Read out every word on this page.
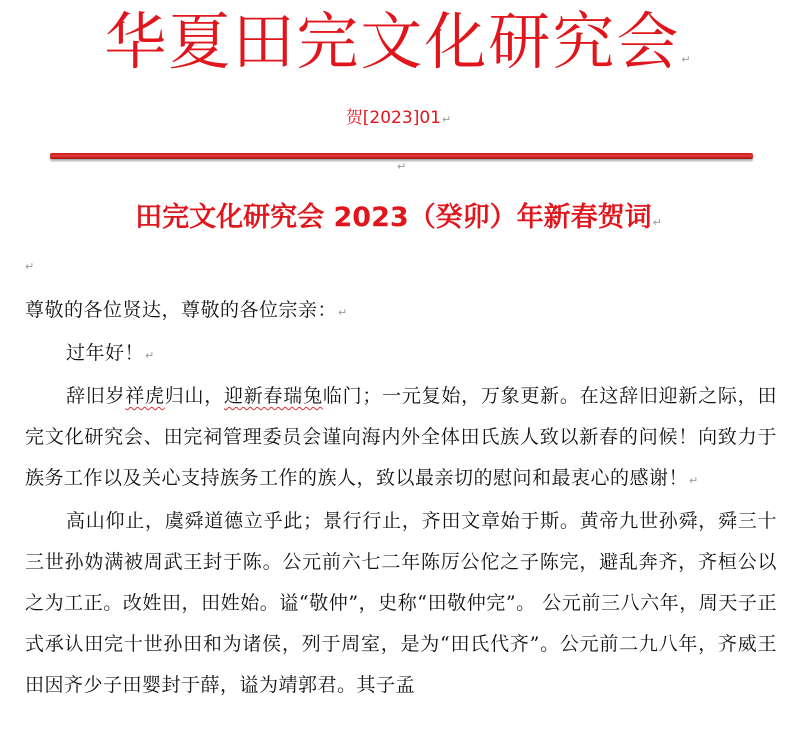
华夏田完文化研究会↵
贺[2023]01↵
↵
田完文化研究会 2023（癸卯）年新春贺词↵
↵

尊敬的各位贤达，尊敬的各位宗亲：↵

过年好！↵

辞旧岁祥虎归山，迎新春瑞兔临门；一元复始，万象更新。在这辞旧迎新之际，田完文化研究会、田完祠管理委员会谨向海内外全体田氏族人致以新春的问候！向致力于族务工作以及关心支持族务工作的族人，致以最亲切的慰问和最衷心的感谢！↵

高山仰止，虞舜道德立乎此；景行行止，齐田文章始于斯。黄帝九世孙舜，舜三十三世孙妫满被周武王封于陈。公元前六七二年陈厉公佗之子陈完，避乱奔齐，齐桓公以之为工正。改姓田，田姓始。谥“敬仲”，史称“田敬仲完”。 公元前三八六年，周天子正式承认田完十世孙田和为诸侯，列于周室，是为“田氏代齐”。公元前二九八年，齐威王田因齐少子田婴封于薛，谥为靖郭君。其子孟
